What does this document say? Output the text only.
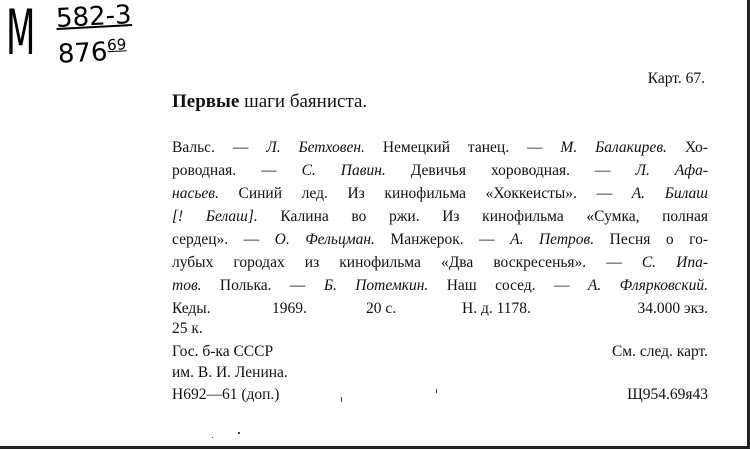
M 582-3
$876^{69}$
Карт. 67.
Первые шаги баяниста.
Вальс. — Л. Бетховен. Немецкий танец. — М. Балакирев. Хо-
роводная. — С. Павин. Девичья хороводная. — Л. Афа-
насьев. Синий лед. Из кинофильма «Хоккеисты». — А. Билаш
[! Белаш]. Калина во ржи. Из кинофильма «Сумка, полная
сердец». — О. Фельцман. Манжерок. — А. Петров. Песня о го-
лубых городах из кинофильма «Два воскресенья». — С. Ипа-
тов. Полька. — Б. Потемкин. Наш сосед. — А. Фляpковский.
Кеды.	1969.	20 с.	Н. д. 1178.	34.000 экз.
25 к.
Гос. б-ка СССР	См. след. карт.
им. В. И. Ленина.
Н692—61 (доп.)	Щ954.69я43
